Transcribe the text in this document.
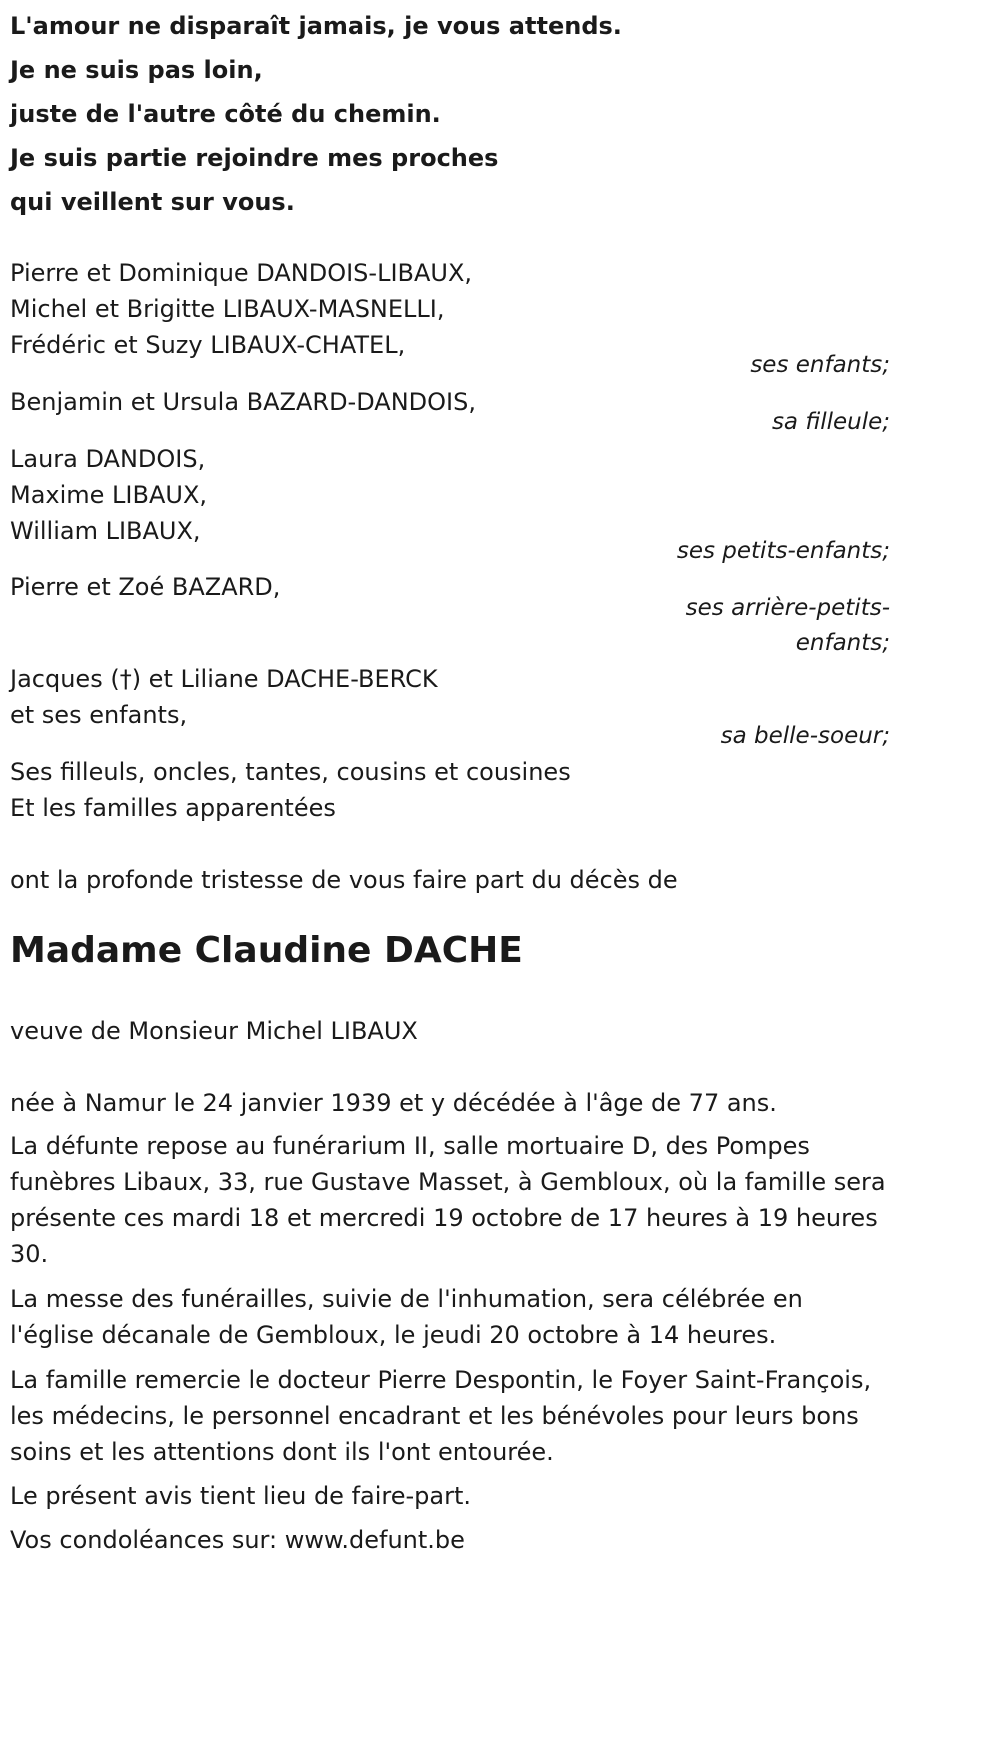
L'amour ne disparaît jamais, je vous attends.
Je ne suis pas loin,
juste de l'autre côté du chemin.
Je suis partie rejoindre mes proches
qui veillent sur vous.
Pierre et Dominique DANDOIS-LIBAUX,
Michel et Brigitte LIBAUX-MASNELLI,
Frédéric et Suzy LIBAUX-CHATEL,
ses enfants;
Benjamin et Ursula BAZARD-DANDOIS,
sa filleule;
Laura DANDOIS,
Maxime LIBAUX,
William LIBAUX,
ses petits-enfants;
Pierre et Zoé BAZARD,
ses arrière-petits-
enfants;
Jacques (†) et Liliane DACHE-BERCK
et ses enfants,
sa belle-soeur;
Ses filleuls, oncles, tantes, cousins et cousines
Et les familles apparentées
ont la profonde tristesse de vous faire part du décès de
Madame Claudine DACHE
veuve de Monsieur Michel LIBAUX
née à Namur le 24 janvier 1939 et y décédée à l'âge de 77 ans.
La défunte repose au funérarium II, salle mortuaire D, des Pompes funèbres Libaux, 33, rue Gustave Masset, à Gembloux, où la famille sera présente ces mardi 18 et mercredi 19 octobre de 17 heures à 19 heures 30.
La messe des funérailles, suivie de l'inhumation, sera célébrée en l'église décanale de Gembloux, le jeudi 20 octobre à 14 heures.
La famille remercie le docteur Pierre Despontin, le Foyer Saint-François, les médecins, le personnel encadrant et les bénévoles pour leurs bons soins et les attentions dont ils l'ont entourée.
Le présent avis tient lieu de faire-part.
Vos condoléances sur: www.defunt.be
